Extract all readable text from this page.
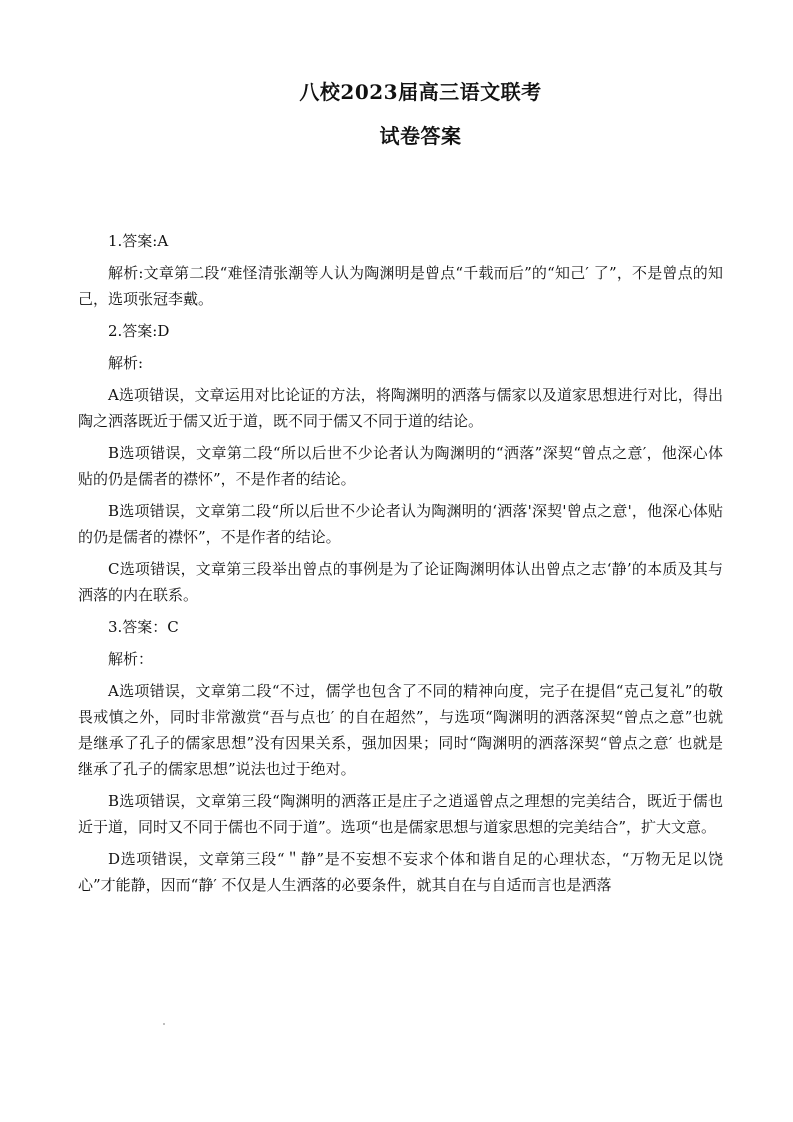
八校2023届高三语文联考
试卷答案

1.答案:A

解析:文章第二段“难怪清张潮等人认为陶渊明是曾点“千载而后”的“知己′ 了”，不是曾点的知己，选项张冠李戴。

2.答案:D

解析:

A选项错误，文章运用对比论证的方法，将陶渊明的洒落与儒家以及道家思想进行对比，得出陶之洒落既近于儒又近于道，既不同于儒又不同于道的结论。

B选项错误，文章第二段“所以后世不少论者认为陶渊明的“洒落”深契“曾点之意′，他深心体贴的仍是儒者的襟怀”，不是作者的结论。

B选项错误，文章第二段“所以后世不少论者认为陶渊明的‘洒落'深契'曾点之意'，他深心体贴的仍是儒者的襟怀”，不是作者的结论。

C选项错误，文章第三段举出曾点的事例是为了论证陶渊明体认出曾点之志‘静’的本质及其与洒落的内在联系。

3.答案：C

解析：

A选项错误，文章第二段“不过，儒学也包含了不同的精神向度，完子在提倡“克己复礼”的敬畏戒慎之外，同时非常激赏“吾与点也′ 的自在超然”，与选项“陶渊明的洒落深契“曾点之意”也就是继承了孔子的儒家思想”没有因果关系，强加因果；同时“陶渊明的洒落深契“曾点之意′ 也就是继承了孔子的儒家思想”说法也过于绝对。

B选项错误，文章第三段“陶渊明的洒落正是庄子之逍遥曾点之理想的完美结合，既近于儒也近于道，同时又不同于儒也不同于道”。选项“也是儒家思想与道家思想的完美结合”，扩大文意。

D选项错误，文章第三段“＂静”是不妄想不妄求个体和谐自足的心理状态，“万物无足以饶心”才能静，因而“静′ 不仅是人生洒落的必要条件，就其自在与自适而言也是洒落
